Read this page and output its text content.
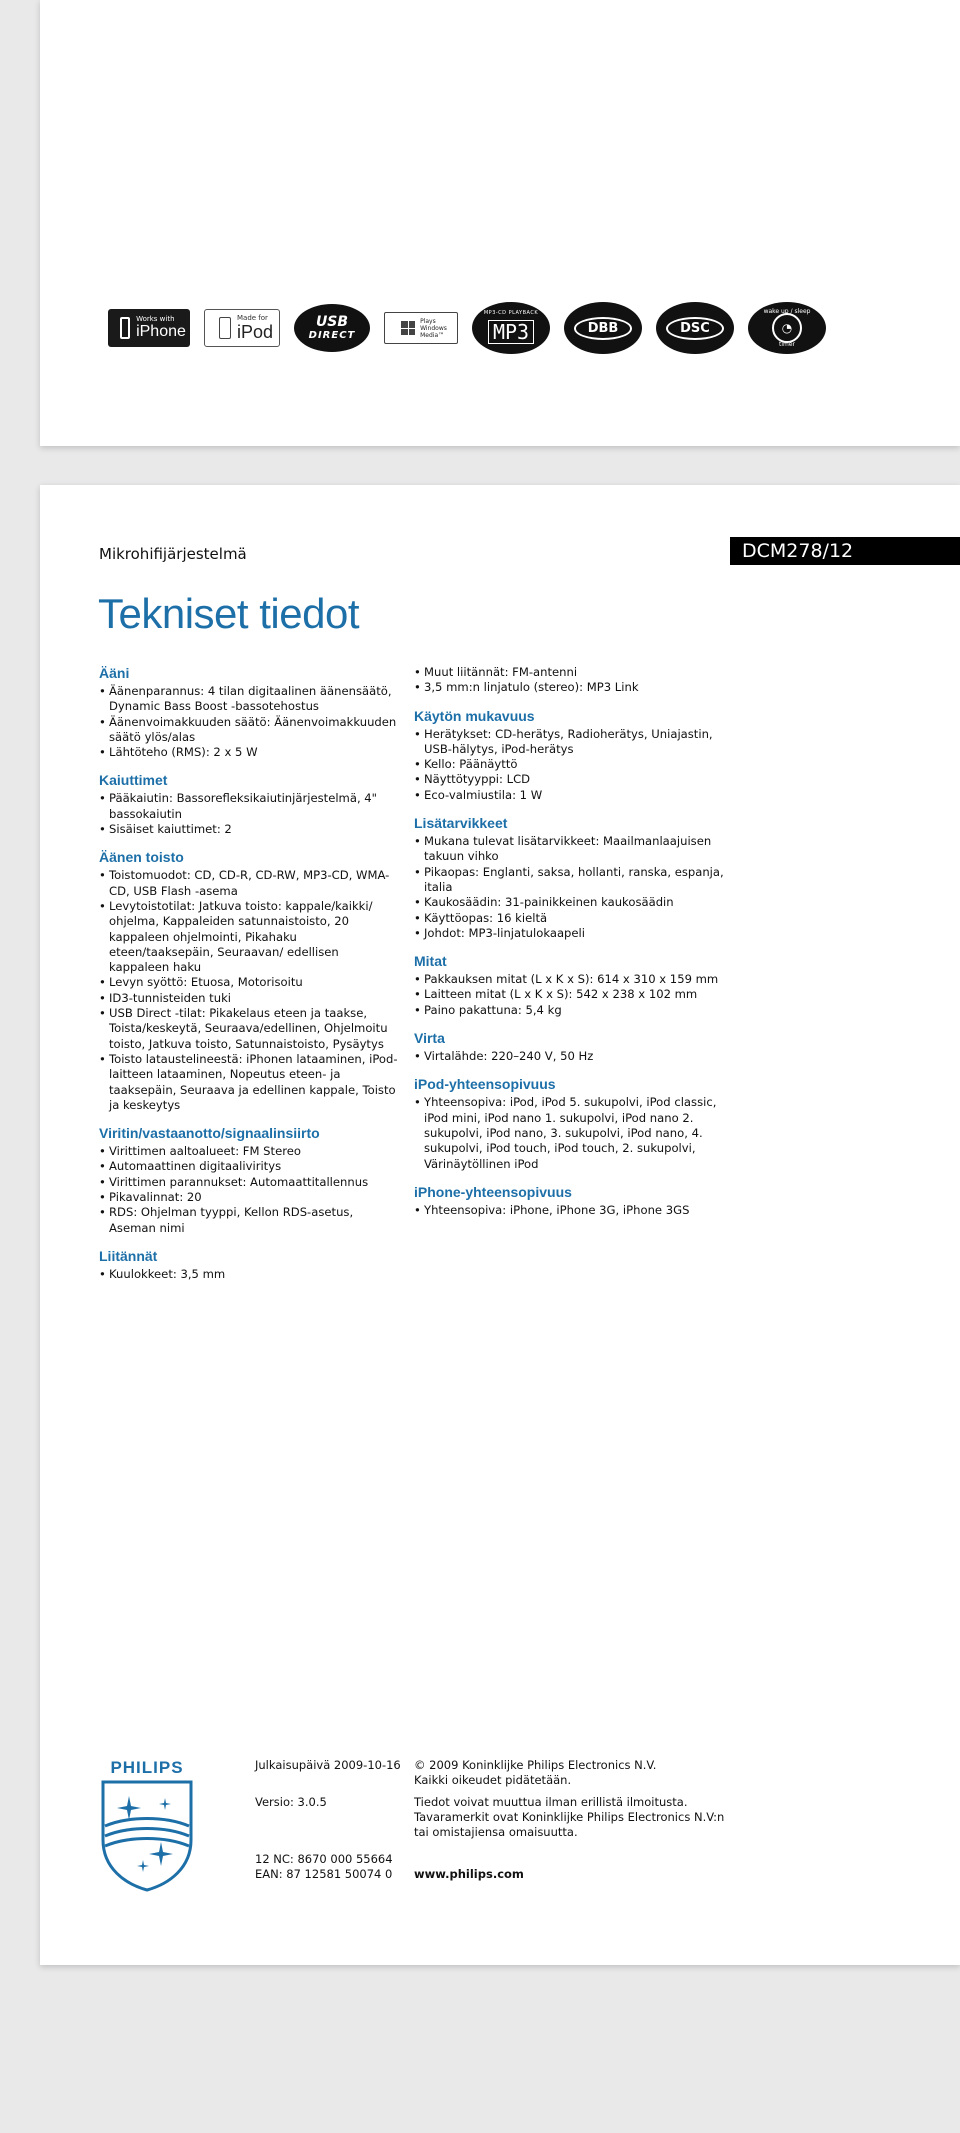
Works with
iPhone
Made for
iPod	USB
DIRECT
Plays
Windows
Media™
MP3-CD PLAYBACK
MP3	DBB	DSC
wake up / sleep
◔
timer
Mikrohifijärjestelmä	DCM278/12
Tekniset tiedot
Ääni
• Äänenparannus: 4 tilan digitaalinen äänensäätö, Dynamic Bass Boost -bassotehostus
• Äänenvoimakkuuden säätö: Äänenvoimakkuuden säätö ylös/alas
• Lähtöteho (RMS): 2 x 5 W
Kaiuttimet
• Pääkaiutin: Bassorefleksikaiutinjärjestelmä, 4" bassokaiutin
• Sisäiset kaiuttimet: 2
Äänen toisto
• Toistomuodot: CD, CD-R, CD-RW, MP3-CD, WMA-CD, USB Flash -asema
• Levytoistotilat: Jatkuva toisto: kappale/kaikki/ ohjelma, Kappaleiden satunnaistoisto, 20 kappaleen ohjelmointi, Pikahaku eteen/taaksepäin, Seuraavan/ edellisen kappaleen haku
• Levyn syöttö: Etuosa, Motorisoitu
• ID3-tunnisteiden tuki
• USB Direct -tilat: Pikakelaus eteen ja taakse, Toista/keskeytä, Seuraava/edellinen, Ohjelmoitu toisto, Jatkuva toisto, Satunnaistoisto, Pysäytys
• Toisto lataustelineestä: iPhonen lataaminen, iPod-laitteen lataaminen, Nopeutus eteen- ja taaksepäin, Seuraava ja edellinen kappale, Toisto ja keskeytys
Viritin/vastaanotto/signaalinsiirto
• Virittimen aaltoalueet: FM Stereo
• Automaattinen digitaaliviritys
• Virittimen parannukset: Automaattitallennus
• Pikavalinnat: 20
• RDS: Ohjelman tyyppi, Kellon RDS-asetus, Aseman nimi
Liitännät
• Kuulokkeet: 3,5 mm
• Muut liitännät: FM-antenni
• 3,5 mm:n linjatulo (stereo): MP3 Link
Käytön mukavuus
• Herätykset: CD-herätys, Radioherätys, Uniajastin, USB-hälytys, iPod-herätys
• Kello: Päänäyttö
• Näyttötyyppi: LCD
• Eco-valmiustila: 1 W
Lisätarvikkeet
• Mukana tulevat lisätarvikkeet: Maailmanlaajuisen takuun vihko
• Pikaopas: Englanti, saksa, hollanti, ranska, espanja, italia
• Kaukosäädin: 31-painikkeinen kaukosäädin
• Käyttöopas: 16 kieltä
• Johdot: MP3-linjatulokaapeli
Mitat
• Pakkauksen mitat (L x K x S): 614 x 310 x 159 mm
• Laitteen mitat (L x K x S): 542 x 238 x 102 mm
• Paino pakattuna: 5,4 kg
Virta
• Virtalähde: 220–240 V, 50 Hz
iPod-yhteensopivuus
• Yhteensopiva: iPod, iPod 5. sukupolvi, iPod classic, iPod mini, iPod nano 1. sukupolvi, iPod nano 2. sukupolvi, iPod nano, 3. sukupolvi, iPod nano, 4. sukupolvi, iPod touch, iPod touch, 2. sukupolvi, Värinäytöllinen iPod
iPhone-yhteensopivuus
• Yhteensopiva: iPhone, iPhone 3G, iPhone 3GS
PHILIPS	Julkaisupäivä 2009-10-16
Versio: 3.0.5
12 NC: 8670 000 55664
EAN: 87 12581 50074 0
© 2009 Koninklijke Philips Electronics N.V.
Kaikki oikeudet pidätetään.
Tiedot voivat muuttua ilman erillistä ilmoitusta.
Tavaramerkit ovat Koninklijke Philips Electronics N.V:n
tai omistajiensa omaisuutta.
www.philips.com
